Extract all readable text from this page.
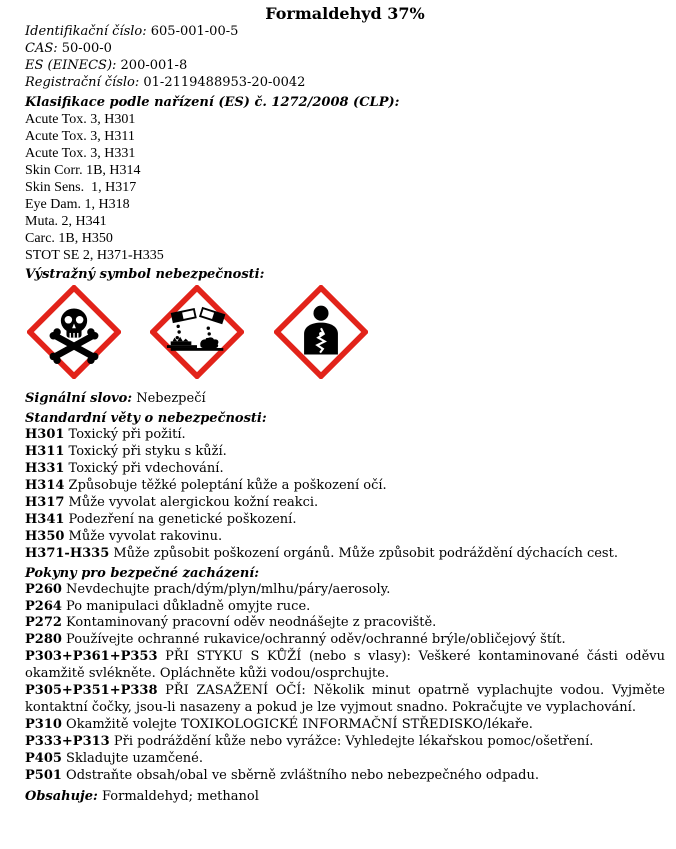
Formaldehyd 37%
Identifikační číslo: 605-001-00-5
CAS: 50-00-0
ES (EINECS): 200-001-8
Registrační číslo: 01-2119488953-20-0042
Klasifikace podle nařízení (ES) č. 1272/2008 (CLP):
Acute Tox. 3, H301
Acute Tox. 3, H311
Acute Tox. 3, H331
Skin Corr. 1B, H314
Skin Sens.  1, H317
Eye Dam. 1, H318
Muta. 2, H341
Carc. 1B, H350
STOT SE 2, H371-H335
Výstražný symbol nebezpečnosti:
Signální slovo: Nebezpečí
Standardní věty o nebezpečnosti:
H301 Toxický při požití.
H311 Toxický při styku s kůží.
H331 Toxický při vdechování.
H314 Způsobuje těžké poleptání kůže a poškození očí.
H317 Může vyvolat alergickou kožní reakci.
H341 Podezření na genetické poškození.
H350 Může vyvolat rakovinu.
H371-H335 Může způsobit poškození orgánů. Může způsobit podráždění dýchacích cest.
Pokyny pro bezpečné zacházení:
P260 Nevdechujte prach/dým/plyn/mlhu/páry/aerosoly.
P264 Po manipulaci důkladně omyjte ruce.
P272 Kontaminovaný pracovní oděv neodnášejte z pracoviště.
P280 Používejte ochranné rukavice/ochranný oděv/ochranné brýle/obličejový štít.
P303+P361+P353 PŘI STYKU S KŮŽÍ (nebo s vlasy): Veškeré kontaminované části oděvu
okamžitě svlékněte. Opláchněte kůži vodou/osprchujte.
P305+P351+P338 PŘI ZASAŽENÍ OČÍ: Několik minut opatrně vyplachujte vodou. Vyjměte
kontaktní čočky, jsou-li nasazeny a pokud je lze vyjmout snadno. Pokračujte ve vyplachování.
P310 Okamžitě volejte TOXIKOLOGICKÉ INFORMAČNÍ STŘEDISKO/lékaře.
P333+P313 Při podráždění kůže nebo vyrážce: Vyhledejte lékařskou pomoc/ošetření.
P405 Skladujte uzamčené.
P501 Odstraňte obsah/obal ve sběrně zvláštního nebo nebezpečného odpadu.
Obsahuje: Formaldehyd; methanol
